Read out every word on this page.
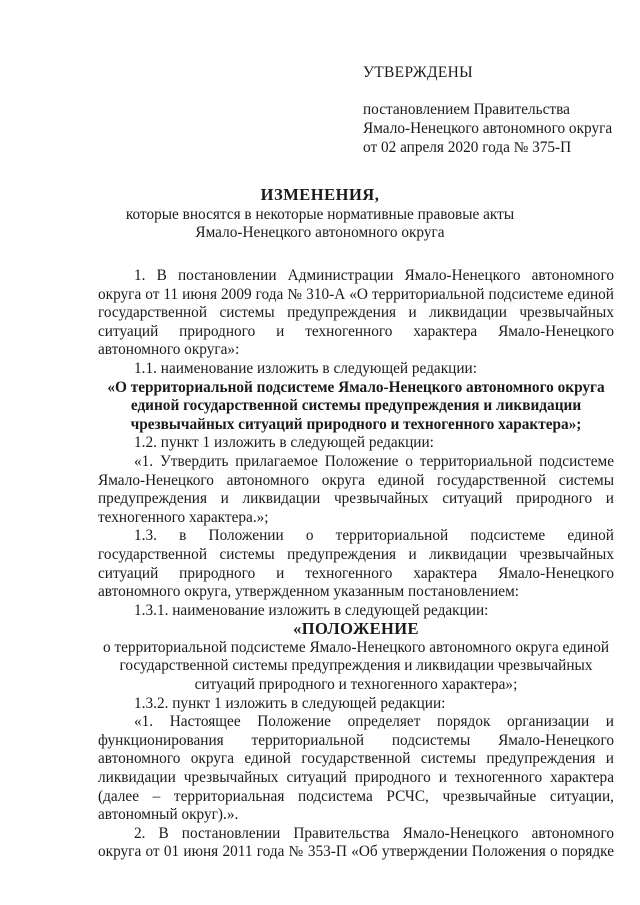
УТВЕРЖДЕНЫ
постановлением Правительства
Ямало-Ненецкого автономного округа
от 02 апреля 2020 года № 375-П
ИЗМЕНЕНИЯ,
которые вносятся в некоторые нормативные правовые акты
Ямало-Ненецкого автономного округа

1. В постановлении Администрации Ямало-Ненецкого автономного округа от 11 июня 2009 года № 310-А «О территориальной подсистеме единой государственной системы предупреждения и ликвидации чрезвычайных ситуаций природного и техногенного характера Ямало-Ненецкого автономного округа»:

1.1. наименование изложить в следующей редакции:

«О территориальной подсистеме Ямало-Ненецкого автономного округа единой государственной системы предупреждения и ликвидации чрезвычайных ситуаций природного и техногенного характера»;

1.2. пункт 1 изложить в следующей редакции:

«1. Утвердить прилагаемое Положение о территориальной подсистеме Ямало-Ненецкого автономного округа единой государственной системы предупреждения и ликвидации чрезвычайных ситуаций природного и техногенного характера.»;

1.3. в Положении о территориальной подсистеме единой государственной системы предупреждения и ликвидации чрезвычайных ситуаций природного и техногенного характера Ямало-Ненецкого автономного округа, утвержденном указанным постановлением:

1.3.1. наименование изложить в следующей редакции:

«ПОЛОЖЕНИЕ

о территориальной подсистеме Ямало-Ненецкого автономного округа единой государственной системы предупреждения и ликвидации чрезвычайных ситуаций природного и техногенного характера»;

1.3.2. пункт 1 изложить в следующей редакции:

«1. Настоящее Положение определяет порядок организации и функционирования территориальной подсистемы Ямало-Ненецкого автономного округа единой государственной системы предупреждения и ликвидации чрезвычайных ситуаций природного и техногенного характера (далее – территориальная подсистема РСЧС, чрезвычайные ситуации, автономный округ).».

2. В постановлении Правительства Ямало-Ненецкого автономного округа от 01 июня 2011 года № 353-П «Об утверждении Положения о порядке
